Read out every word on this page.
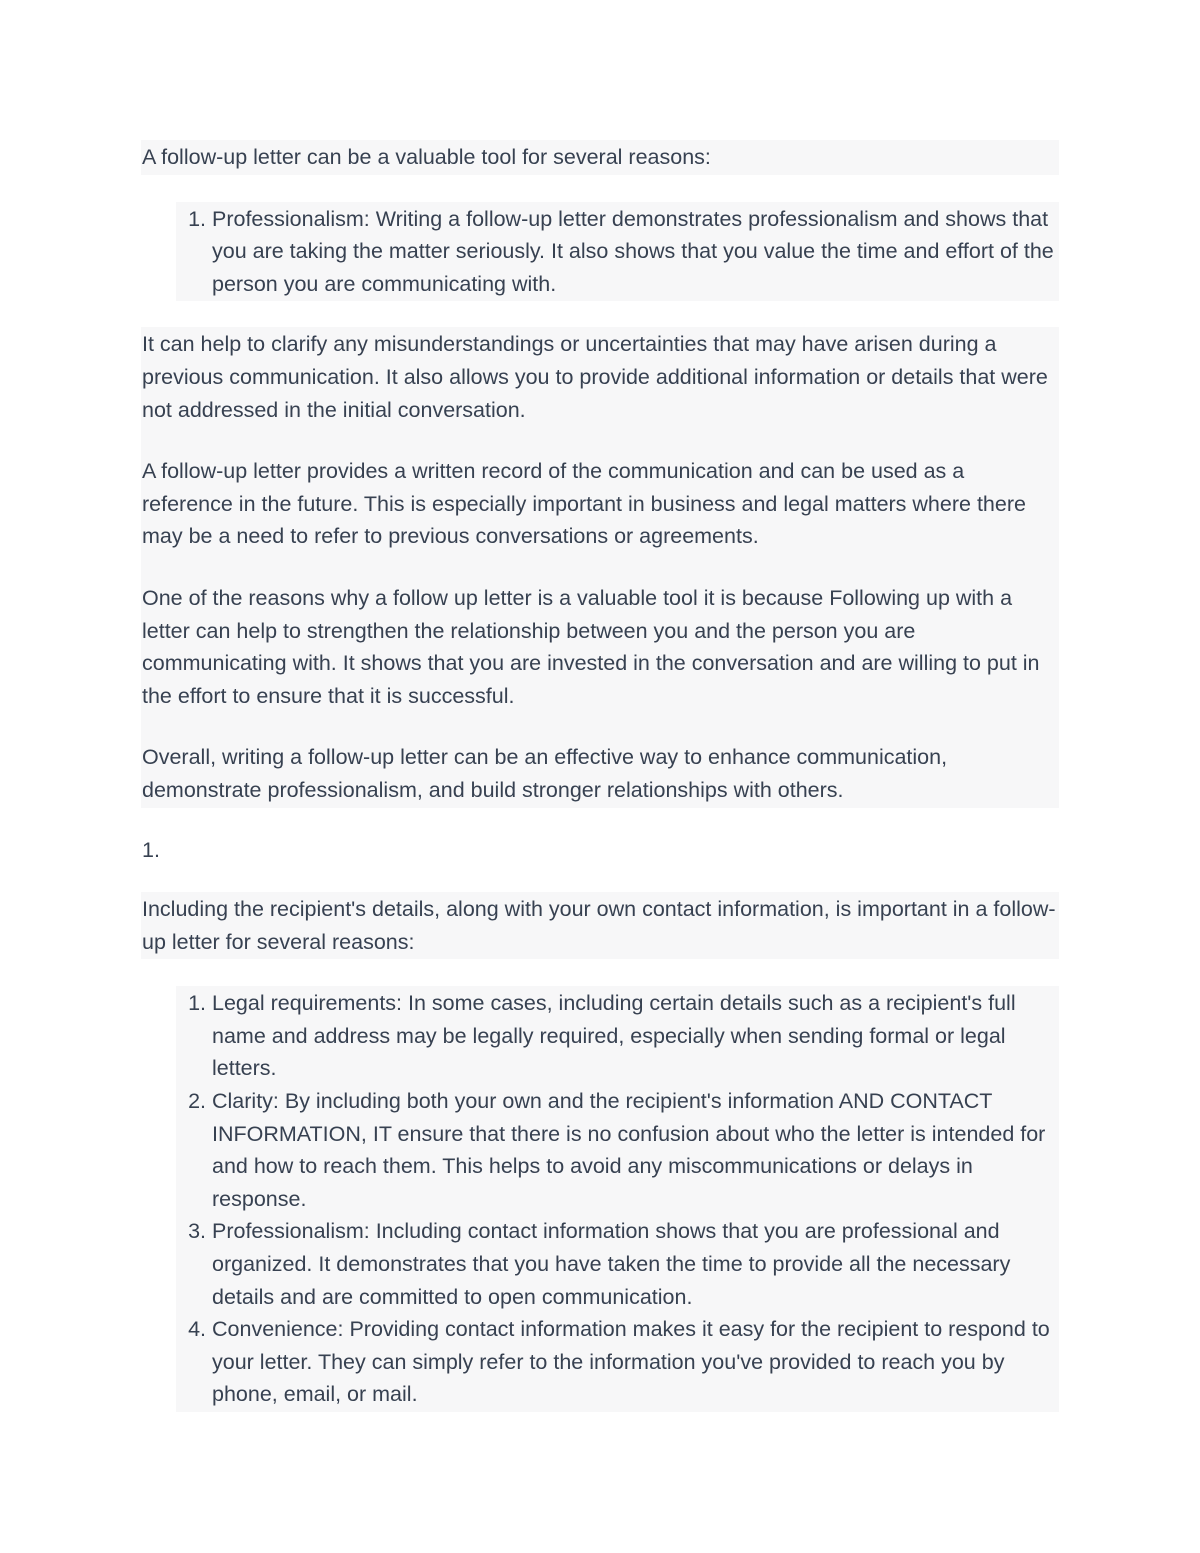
A follow-up letter can be a valuable tool for several reasons:

1. Professionalism: Writing a follow-up letter demonstrates professionalism and shows that you are taking the matter seriously. It also shows that you value the time and effort of the person you are communicating with.

It can help to clarify any misunderstandings or uncertainties that may have arisen during a previous communication. It also allows you to provide additional information or details that were not addressed in the initial conversation.

A follow-up letter provides a written record of the communication and can be used as a reference in the future. This is especially important in business and legal matters where there may be a need to refer to previous conversations or agreements.

One of the reasons why a follow up letter is a valuable tool it is because Following up with a letter can help to strengthen the relationship between you and the person you are communicating with. It shows that you are invested in the conversation and are willing to put in the effort to ensure that it is successful.

Overall, writing a follow-up letter can be an effective way to enhance communication, demonstrate professionalism, and build stronger relationships with others.

1.

Including the recipient's details, along with your own contact information, is important in a follow-up letter for several reasons:

1. Legal requirements: In some cases, including certain details such as a recipient's full name and address may be legally required, especially when sending formal or legal letters.
2. Clarity: By including both your own and the recipient's information AND CONTACT INFORMATION, IT ensure that there is no confusion about who the letter is intended for and how to reach them. This helps to avoid any miscommunications or delays in response.
3. Professionalism: Including contact information shows that you are professional and organized. It demonstrates that you have taken the time to provide all the necessary details and are committed to open communication.
4. Convenience: Providing contact information makes it easy for the recipient to respond to your letter. They can simply refer to the information you've provided to reach you by phone, email, or mail.
